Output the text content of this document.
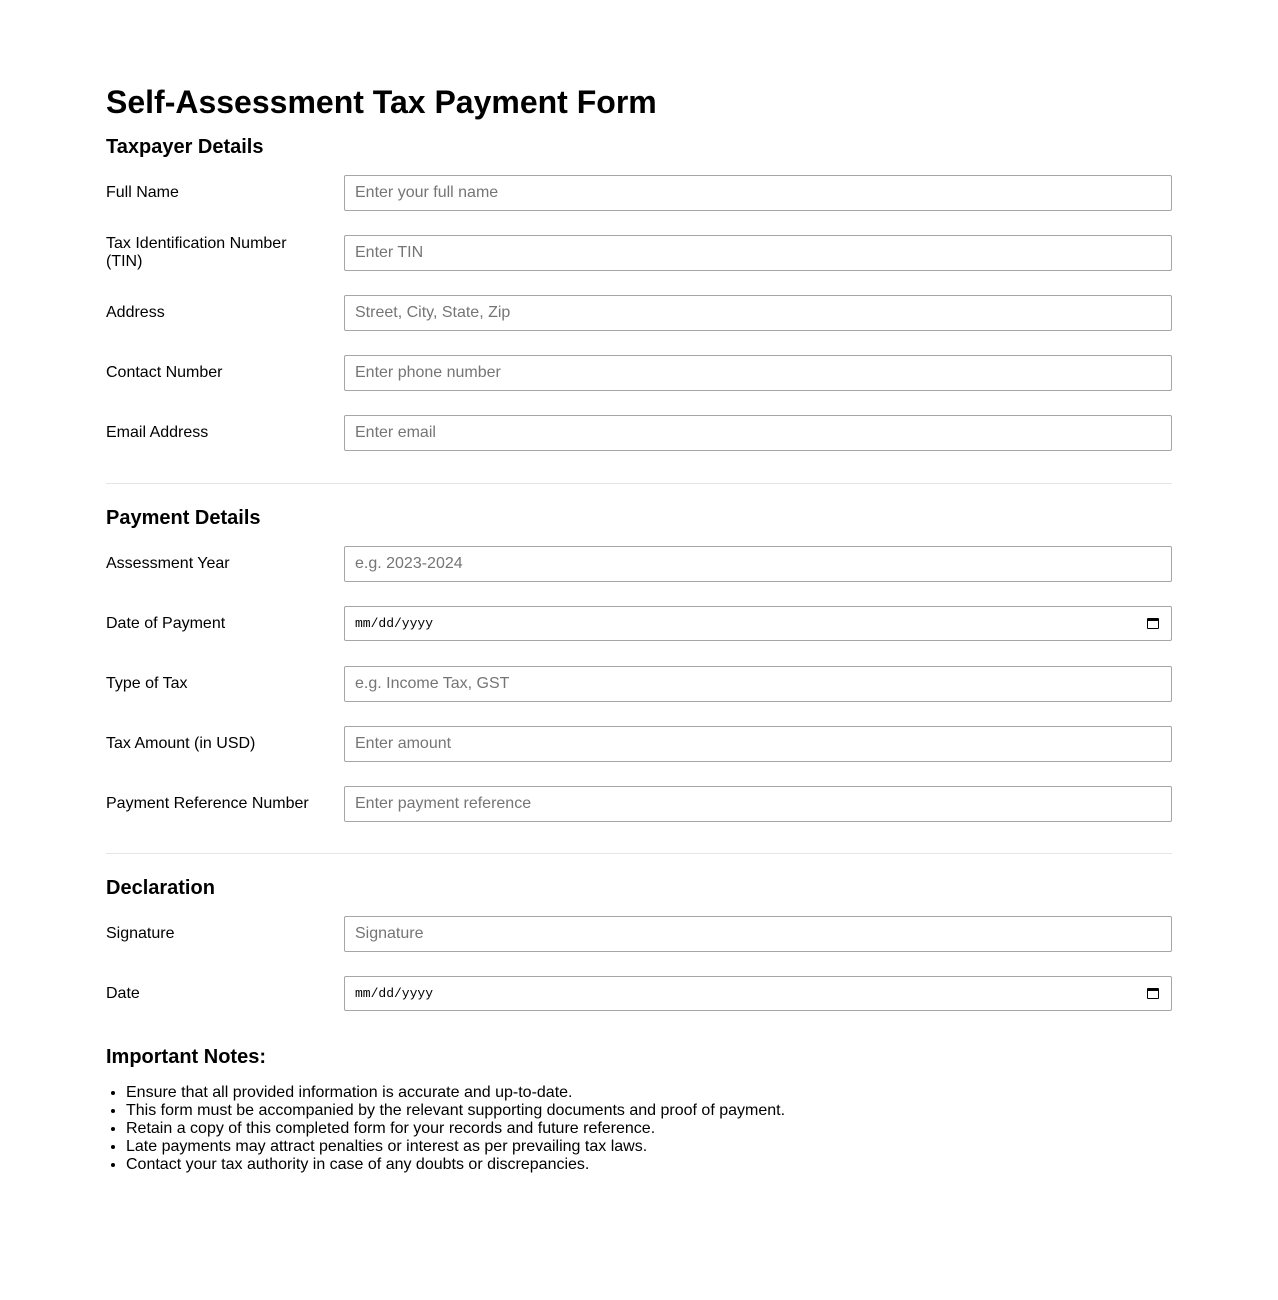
Self-Assessment Tax Payment Form
Taxpayer Details
Full Name
Enter your full name
Tax Identification Number (TIN)
Enter TIN
Address
Street, City, State, Zip
Contact Number
Enter phone number
Email Address
Enter email
Payment Details
Assessment Year
e.g. 2023-2024
Date of Payment	mm/dd/yyyy
Type of Tax
e.g. Income Tax, GST
Tax Amount (in USD)
Enter amount
Payment Reference Number
Enter payment reference
Declaration
Signature
Signature
Date	mm/dd/yyyy
Important Notes:
• Ensure that all provided information is accurate and up-to-date.
• This form must be accompanied by the relevant supporting documents and proof of payment.
• Retain a copy of this completed form for your records and future reference.
• Late payments may attract penalties or interest as per prevailing tax laws.
• Contact your tax authority in case of any doubts or discrepancies.
